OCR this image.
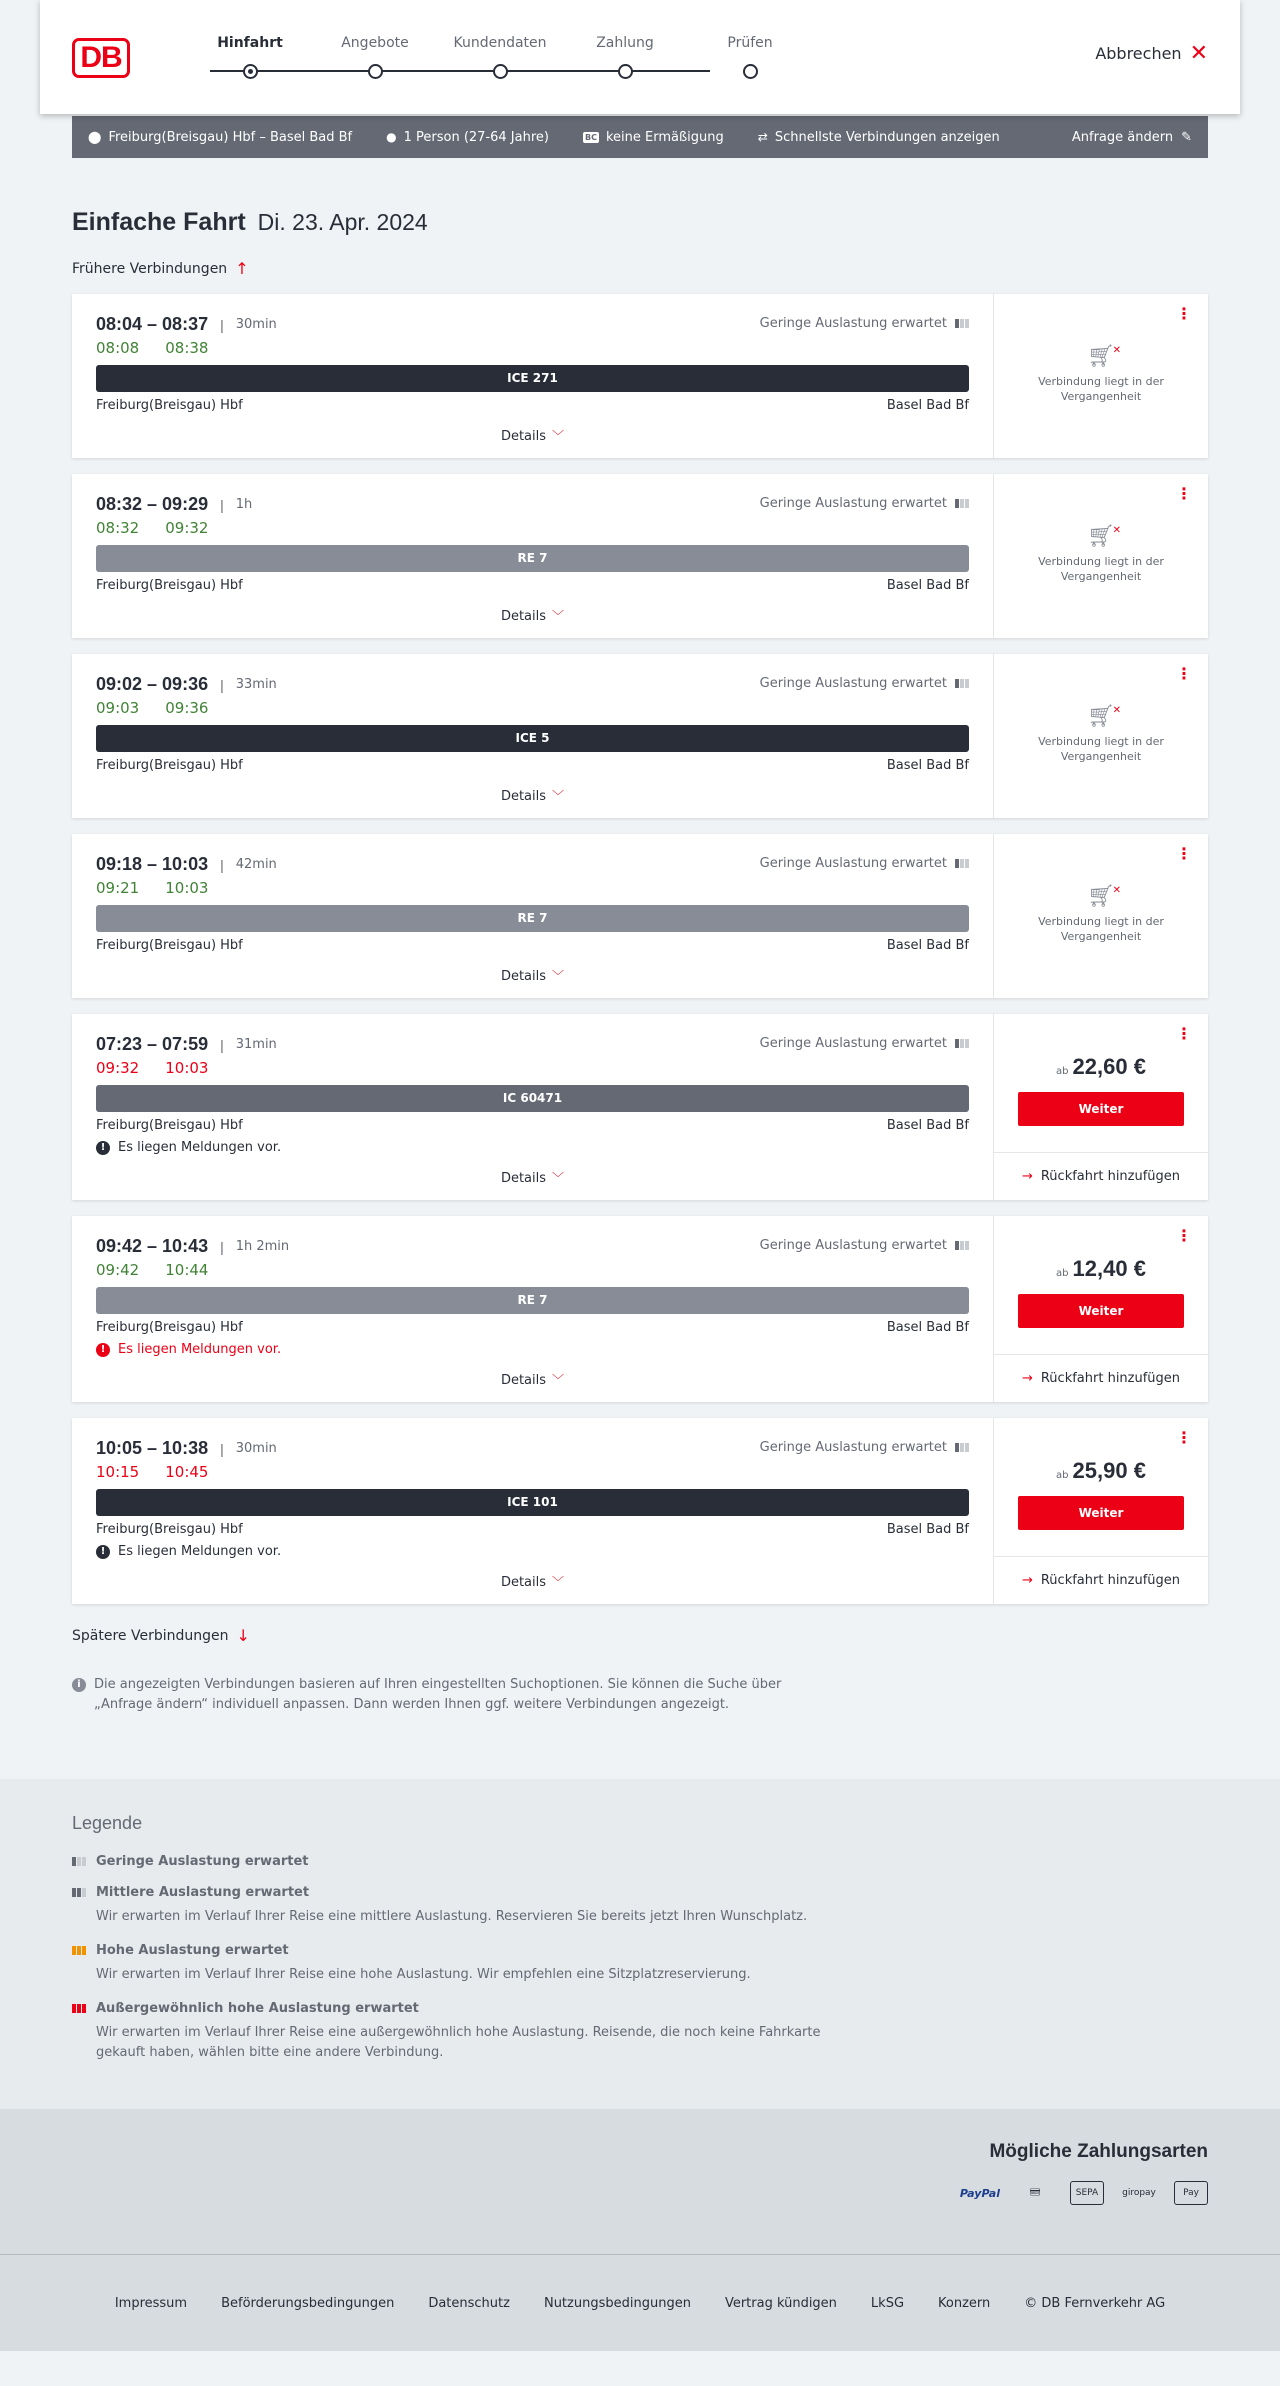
DB	Hinfahrt	Angebote	Kundendaten	Zahlung	Prüfen
Abbrechen ✕
⬤ Freiburg(Breisgau) Hbf – Basel Bad Bf	● 1 Person (27-64 Jahre)	BC keine Ermäßigung	⇄ Schnellste Verbindungen anzeigen	Anfrage ändern ✎
Einfache Fahrt Di. 23. Apr. 2024
Frühere Verbindungen ↑
08:04 – 08:37 | 30min	Geringe Auslastung erwartet
08:08 08:38
ICE 271
Freiburg(Breisgau) Hbf	Basel Bad Bf
Details ﹀
⋮
🛒︎
✕
Verbindung liegt in der Vergangenheit
08:32 – 09:29 | 1h	Geringe Auslastung erwartet
08:32 09:32
RE 7
Freiburg(Breisgau) Hbf	Basel Bad Bf
Details ﹀
⋮
🛒︎
✕
Verbindung liegt in der Vergangenheit
09:02 – 09:36 | 33min	Geringe Auslastung erwartet
09:03 09:36
ICE 5
Freiburg(Breisgau) Hbf	Basel Bad Bf
Details ﹀
⋮
🛒︎
✕
Verbindung liegt in der Vergangenheit
09:18 – 10:03 | 42min	Geringe Auslastung erwartet
09:21 10:03
RE 7
Freiburg(Breisgau) Hbf	Basel Bad Bf
Details ﹀
⋮
🛒︎
✕
Verbindung liegt in der Vergangenheit
07:23 – 07:59 | 31min	Geringe Auslastung erwartet
09:32 10:03
IC 60471
Freiburg(Breisgau) Hbf	Basel Bad Bf
! Es liegen Meldungen vor.
Details ﹀
⋮
ab 22,60 €
Weiter
→ Rückfahrt hinzufügen
09:42 – 10:43 | 1h 2min	Geringe Auslastung erwartet
09:42 10:44
RE 7
Freiburg(Breisgau) Hbf	Basel Bad Bf
! Es liegen Meldungen vor.
Details ﹀
⋮
ab 12,40 €
Weiter
→ Rückfahrt hinzufügen
10:05 – 10:38 | 30min	Geringe Auslastung erwartet
10:15 10:45
ICE 101
Freiburg(Breisgau) Hbf	Basel Bad Bf
! Es liegen Meldungen vor.
Details ﹀
⋮
ab 25,90 €
Weiter
→ Rückfahrt hinzufügen
Spätere Verbindungen ↓
i	Die angezeigten Verbindungen basieren auf Ihren eingestellten Suchoptionen. Sie können die Suche über „Anfrage ändern“ individuell anpassen. Dann werden Ihnen ggf. weitere Verbindungen angezeigt.
Legende
Geringe Auslastung erwartet
Mittlere Auslastung erwartet
Wir erwarten im Verlauf Ihrer Reise eine mittlere Auslastung. Reservieren Sie bereits jetzt Ihren Wunschplatz.
Hohe Auslastung erwartet
Wir erwarten im Verlauf Ihrer Reise eine hohe Auslastung. Wir empfehlen eine Sitzplatzreservierung.
Außergewöhnlich hohe Auslastung erwartet
Wir erwarten im Verlauf Ihrer Reise eine außergewöhnlich hohe Auslastung. Reisende, die noch keine Fahrkarte gekauft haben, wählen bitte eine andere Verbindung.
Mögliche Zahlungsarten
PayPal	💳︎	SEPA	giropay	Pay
Impressum	Beförderungsbedingungen	Datenschutz	Nutzungsbedingungen	Vertrag kündigen	LkSG	Konzern	© DB Fernverkehr AG
